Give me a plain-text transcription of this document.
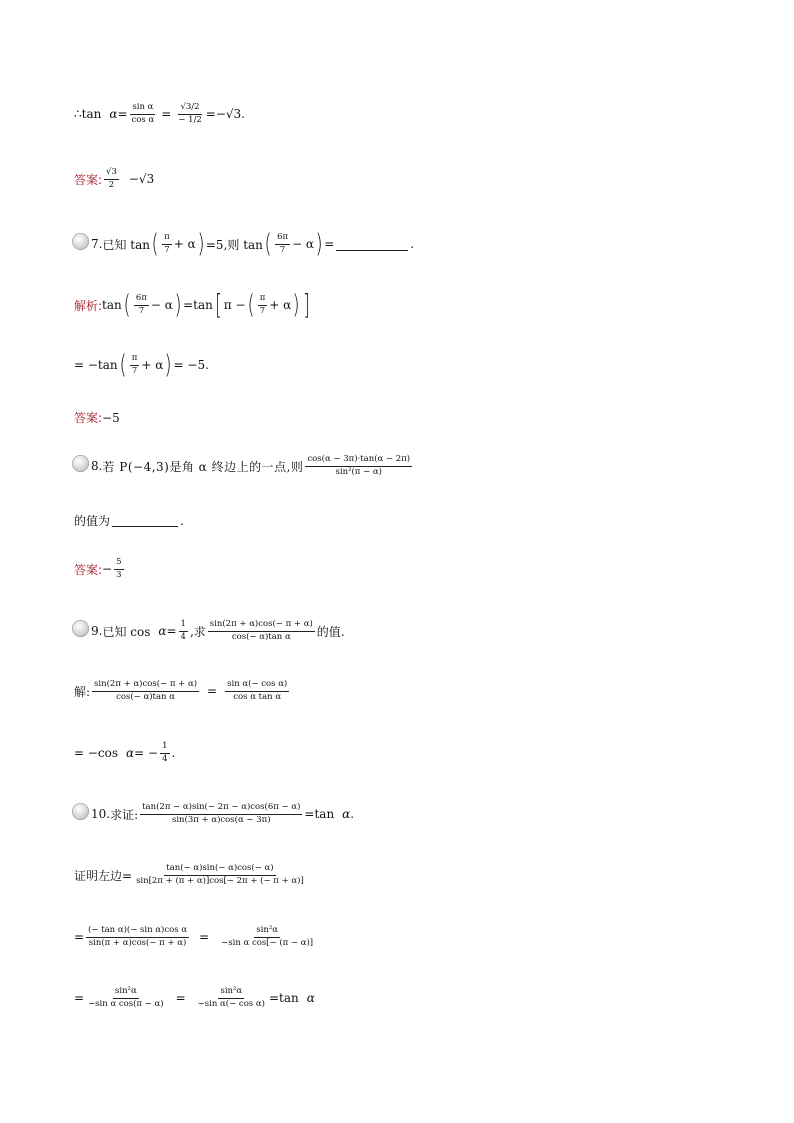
∴tan $\alpha = \frac{\text{sin α}}{\text{cos α}} = \frac{√3/2}{- 1/2} =-√3$.
答案: $\frac{√3}{2} -√3$
7. 已知 tan ( $\frac{\pi}{7} + \alpha$ ) =5,则 tan ( $\frac{6\pi}{7} - \alpha$ ) =	.
解析: tan ( $\frac{6\pi}{7} - \alpha$ ) =tan [ π − ( $\frac{\pi}{7} + \alpha$ ) ]
= −tan ( $\frac{\pi}{7} + \alpha$ ) = −5.
答案: −5
8. 若 P(−4,3)是角 α 终边上的一点,则 $\frac{\cos(\alpha - 3\pi)\cdot\tan(\alpha - 2\pi)}{\text{sin²(π − α)}}$
的值为	.
答案: − $\frac{5}{3}$
9. 已知 $\cos \alpha = \frac{1}{4}$ ,求 $\frac{\sin(2\pi + \alpha)\cos(- \pi + \alpha)}{\text{cos(− α)tan α}}$ 的值.
解: $\frac{\sin(2\pi + \alpha)\cos(- \pi + \alpha)}{\text{cos(− α)tan α}} = \frac{\text{sin α(− cos α)}}{\text{cos α tan α}}$
= −cos α = − $\frac{1}{4}$ .
10. 求证: $\frac{\tan(2\pi - \alpha)\sin(- 2\pi - \alpha)\cos(6\pi - \alpha)}{\sin(3\pi + \alpha)\cos(\alpha - 3\pi)} =\tan$ α .
证明左边= $\frac{\tan(- \alpha)\sin(- \alpha)\cos(- \alpha)}{\sin[2\pi + (\pi + \alpha)]\cos[- 2\pi + (- \pi + \alpha)]}$
= $\frac{\text{(− tan α)(− sin α)cos α}}{\sin(\pi + \alpha)\cos(- \pi + \alpha)} = \frac{\text{sin²α}}{\text{−sin α cos[− (π − α)]}}$
= $\frac{\text{sin²α}}{\text{−sin α cos(π − α)}} = \frac{\text{sin²α}}{\text{−sin α(− cos α)}} =\tan$ α
